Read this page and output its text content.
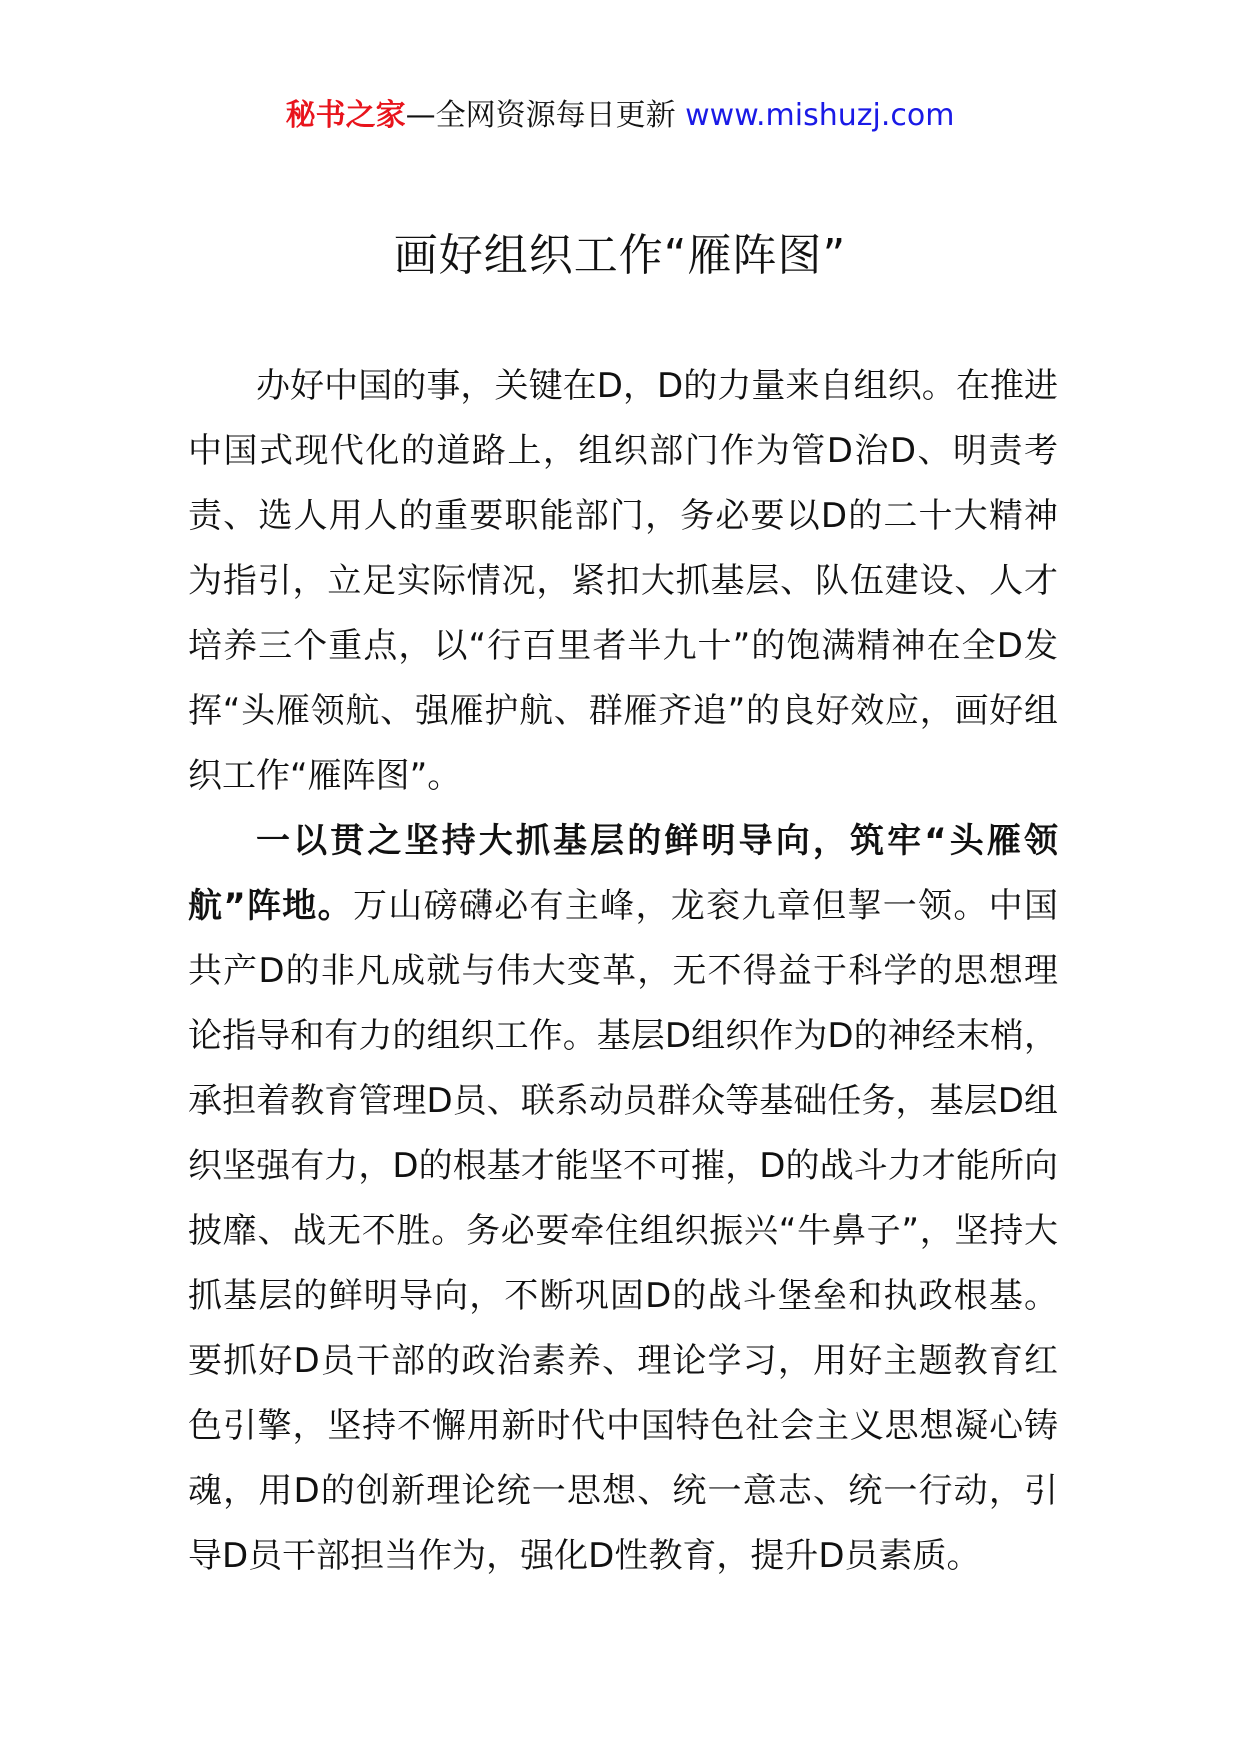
秘书之家—全网资源每日更新 www.mishuzj.com
画好组织工作“雁阵图”

办好中国的事，关键在D，D的力量来自组织。在推进中国式现代化的道路上，组织部门作为管D治D、明责考责、选人用人的重要职能部门，务必要以D的二十大精神为指引，立足实际情况，紧扣大抓基层、队伍建设、人才培养三个重点，以“行百里者半九十”的饱满精神在全D发挥“头雁领航、强雁护航、群雁齐追”的良好效应，画好组织工作“雁阵图”。

一以贯之坚持大抓基层的鲜明导向，筑牢“头雁领航”阵地。万山磅礴必有主峰，龙衮九章但挈一领。中国共产D的非凡成就与伟大变革，无不得益于科学的思想理论指导和有力的组织工作。基层D组织作为D的神经末梢，承担着教育管理D员、联系动员群众等基础任务，基层D组织坚强有力，D的根基才能坚不可摧，D的战斗力才能所向披靡、战无不胜。务必要牵住组织振兴“牛鼻子”，坚持大抓基层的鲜明导向，不断巩固D的战斗堡垒和执政根基。要抓好D员干部的政治素养、理论学习，用好主题教育红色引擎，坚持不懈用新时代中国特色社会主义思想凝心铸魂，用D的创新理论统一思想、统一意志、统一行动，引导D员干部担当作为，强化D性教育，提升D员素质。
